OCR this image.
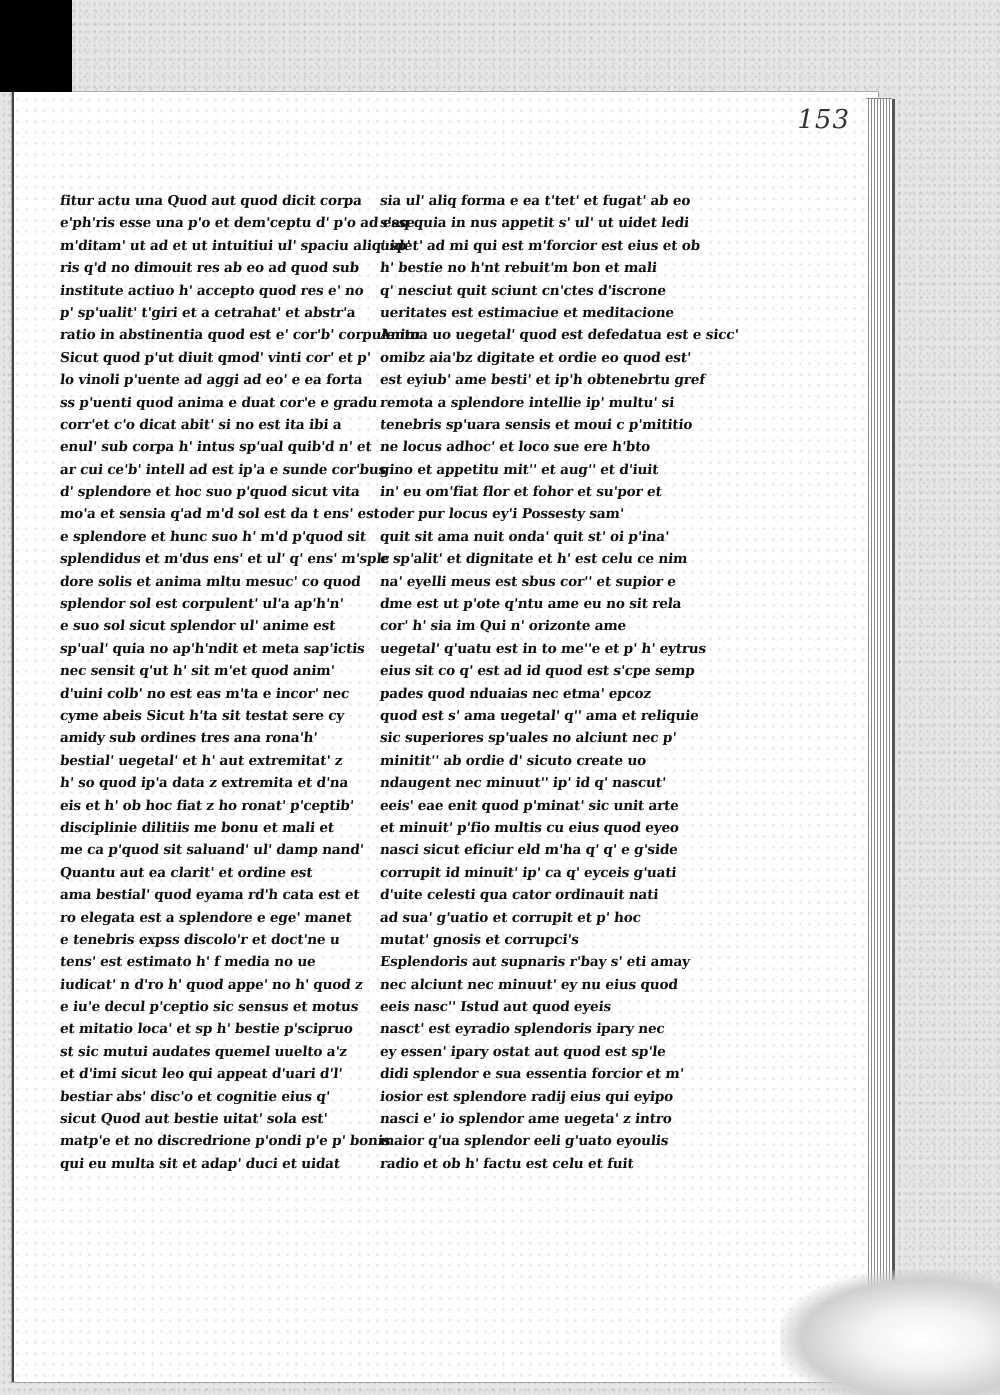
153
fitur actu una Quod aut quod dicit corpa
e'ph'ris esse una p'o et dem'ceptu d' p'o ad esse
m'ditam' ut ad et ut intuitiui ul' spaciu aliq' sp'
ris q'd no dimouit res ab eo ad quod sub
institute actiuo h' accepto quod res e' no
p' sp'ualit' t'giri et a cetrahat' et abstr'a
ratio in abstinentia quod est e' cor'b' corpulentu
Sicut quod p'ut diuit qmod' vinti cor' et p'
lo vinoli p'uente ad aggi ad eo' e ea forta
ss p'uenti quod anima e duat cor'e e gradu
corr'et c'o dicat abit' si no est ita ibi a
enul' sub corpa h' intus sp'ual quib'd n' et
ar cui ce'b' intell ad est ip'a e sunde cor'bus
d' splendore et hoc suo p'quod sicut vita
mo'a et sensia q'ad m'd sol est da t ens' est
e splendore et hunc suo h' m'd p'quod sit
splendidus et m'dus ens' et ul' q' ens' m'splc
dore solis et anima mltu mesuc' co quod
splendor sol est corpulent' ul'a ap'h'n'
e suo sol sicut splendor ul' anime est
sp'ual' quia no ap'h'ndit et meta sap'ictis
nec sensit q'ut h' sit m'et quod anim'
d'uini colb' no est eas m'ta e incor' nec
cyme abeis Sicut h'ta sit testat sere cy
amidy sub ordines tres ana rona'h'
bestial' uegetal' et h' aut extremitat' z
h' so quod ip'a data z extremita et d'na
eis et h' ob hoc fiat z ho ronat' p'ceptib'
disciplinie dilitiis me bonu et mali et
me ca p'quod sit saluand' ul' damp nand'
Quantu aut ea clarit' et ordine est
ama bestial' quod eyama rd'h cata est et
ro elegata est a splendore e ege' manet
e tenebris expss discolo'r et doct'ne u
tens' est estimato h' f media no ue
iudicat' n d'ro h' quod appe' no h' quod z
e iu'e decul p'ceptio sic sensus et motus
et mitatio loca' et sp h' bestie p'scipruo
st sic mutui audates quemel uuelto a'z
et d'imi sicut leo qui appeat d'uari d'l'
bestiar abs' disc'o et cognitie eius q'
sicut Quod aut bestie uitat' sola est'
matp'e et no discredrione p'ondi p'e p' bonis
qui eu multa sit et adap' duci et uidat
sia ul' aliq forma e ea t'tet' et fugat' ab eo
s'aq quia in nus appetit s' ul' ut uidet ledi
uidet' ad mi qui est m'forcior est eius et ob
h' bestie no h'nt rebuit'm bon et mali
q' nesciut quit sciunt cn'ctes d'iscrone
ueritates est estimaciue et meditacione
Anima uo uegetal' quod est defedatua est e sicc'
omibz aia'bz digitate et ordie eo quod est'
est eyiub' ame besti' et ip'h obtenebrtu gref
remota a splendore intellie ip' multu' si
tenebris sp'uara sensis et moui c p'mititio
ne locus adhoc' et loco sue ere h'bto
gino et appetitu mit'' et aug'' et d'iuit
in' eu om'fiat flor et fohor et su'por et
oder pur locus ey'i Possesty sam'
quit sit ama nuit onda' quit st' oi p'ina'
e sp'alit' et dignitate et h' est celu ce nim
na' eyelli meus est sbus cor'' et supior e
dme est ut p'ote q'ntu ame eu no sit rela
cor' h' sia im Qui n' orizonte ame
uegetal' q'uatu est in to me''e et p' h' eytrus
eius sit co q' est ad id quod est s'cpe semp
pades quod nduaias nec etma' epcoz
quod est s' ama uegetal' q'' ama et reliquie
sic superiores sp'uales no alciunt nec p'
minitit'' ab ordie d' sicuto create uo
ndaugent nec minuut'' ip' id q' nascut'
eeis' eae enit quod p'minat' sic unit arte
et minuit' p'fio multis cu eius quod eyeo
nasci sicut eficiur eld m'ha q' q' e g'side
corrupit id minuit' ip' ca q' eyceis g'uati
d'uite celesti qua cator ordinauit nati
ad sua' g'uatio et corrupit et p' hoc
mutat' gnosis et corrupci's
Esplendoris aut supnaris r'bay s' eti amay
nec alciunt nec minuut' ey nu eius quod
eeis nasc'' Istud aut quod eyeis
nasct' est eyradio splendoris ipary nec
ey essen' ipary ostat aut quod est sp'le
didi splendor e sua essentia forcior et m'
iosior est splendore radij eius qui eyipo
nasci e' io splendor ame uegeta' z intro
maior q'ua splendor eeli g'uato eyoulis
radio et ob h' factu est celu et fuit
